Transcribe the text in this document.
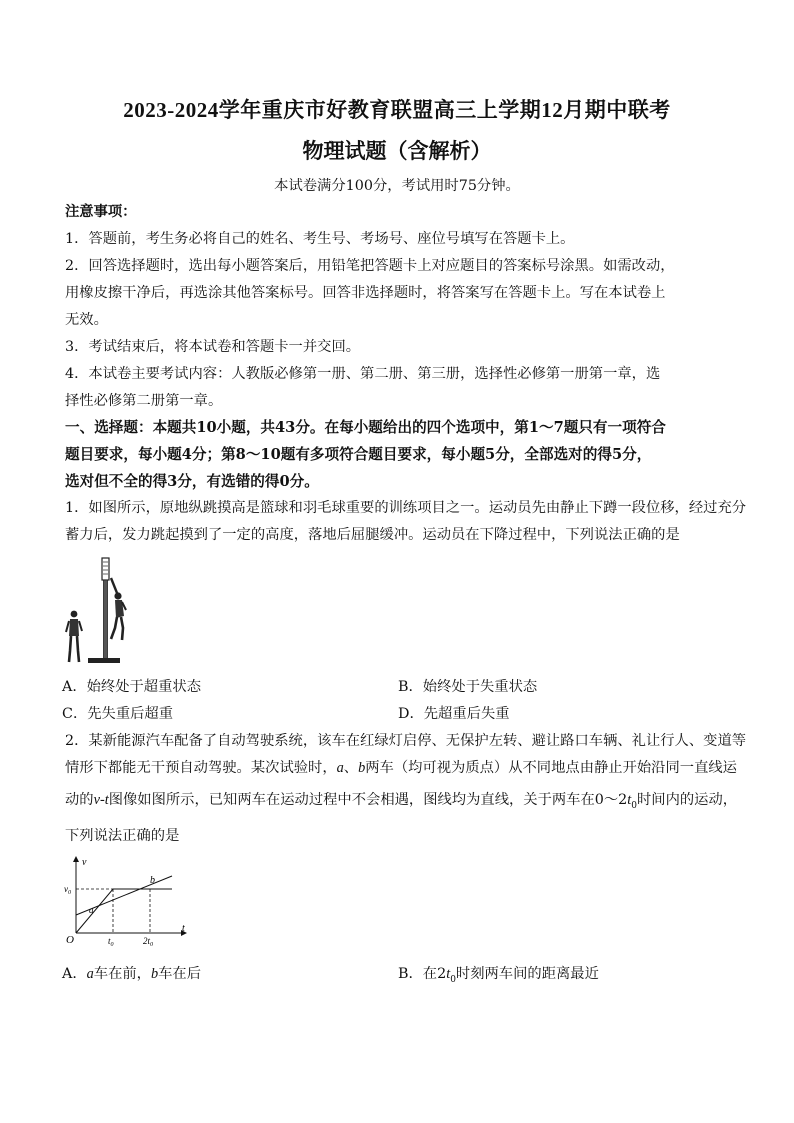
2023-2024学年重庆市好教育联盟高三上学期12月期中联考
物理试题（含解析）
本试卷满分100分，考试用时75分钟。
注意事项：
1．答题前，考生务必将自己的姓名、考生号、考场号、座位号填写在答题卡上。
2．回答选择题时，选出每小题答案后，用铅笔把答题卡上对应题目的答案标号涂黑。如需改动，
用橡皮擦干净后，再选涂其他答案标号。回答非选择题时，将答案写在答题卡上。写在本试卷上
无效。
3．考试结束后，将本试卷和答题卡一并交回。
4．本试卷主要考试内容：人教版必修第一册、第二册、第三册，选择性必修第一册第一章，选
择性必修第二册第一章。
一、选择题：本题共10小题，共43分。在每小题给出的四个选项中，第1～7题只有一项符合
题目要求，每小题4分；第8～10题有多项符合题目要求，每小题5分，全部选对的得5分，
选对但不全的得3分，有选错的得0分。
1．如图所示，原地纵跳摸高是篮球和羽毛球重要的训练项目之一。运动员先由静止下蹲一段位移，经过充分
蓄力后，发力跳起摸到了一定的高度，落地后屈腿缓冲。运动员在下降过程中，下列说法正确的是
A．始终处于超重状态	B．始终处于失重状态
C．先失重后超重	D．先超重后失重
2．某新能源汽车配备了自动驾驶系统，该车在红绿灯启停、无保护左转、避让路口车辆、礼让行人、变道等
情形下都能无干预自动驾驶。某次试验时，a、b两车（均可视为质点）从不同地点由静止开始沿同一直线运
动的v-t图像如图所示，已知两车在运动过程中不会相遇，图线均为直线，关于两车在$0\sim 2t_0$时间内的运动，
下列说法正确的是
v
t
O
$v_0$
$t_0$	$2t_0$
a
b
A．a车在前，b车在后	B．在$2t_0$时刻两车间的距离最近
